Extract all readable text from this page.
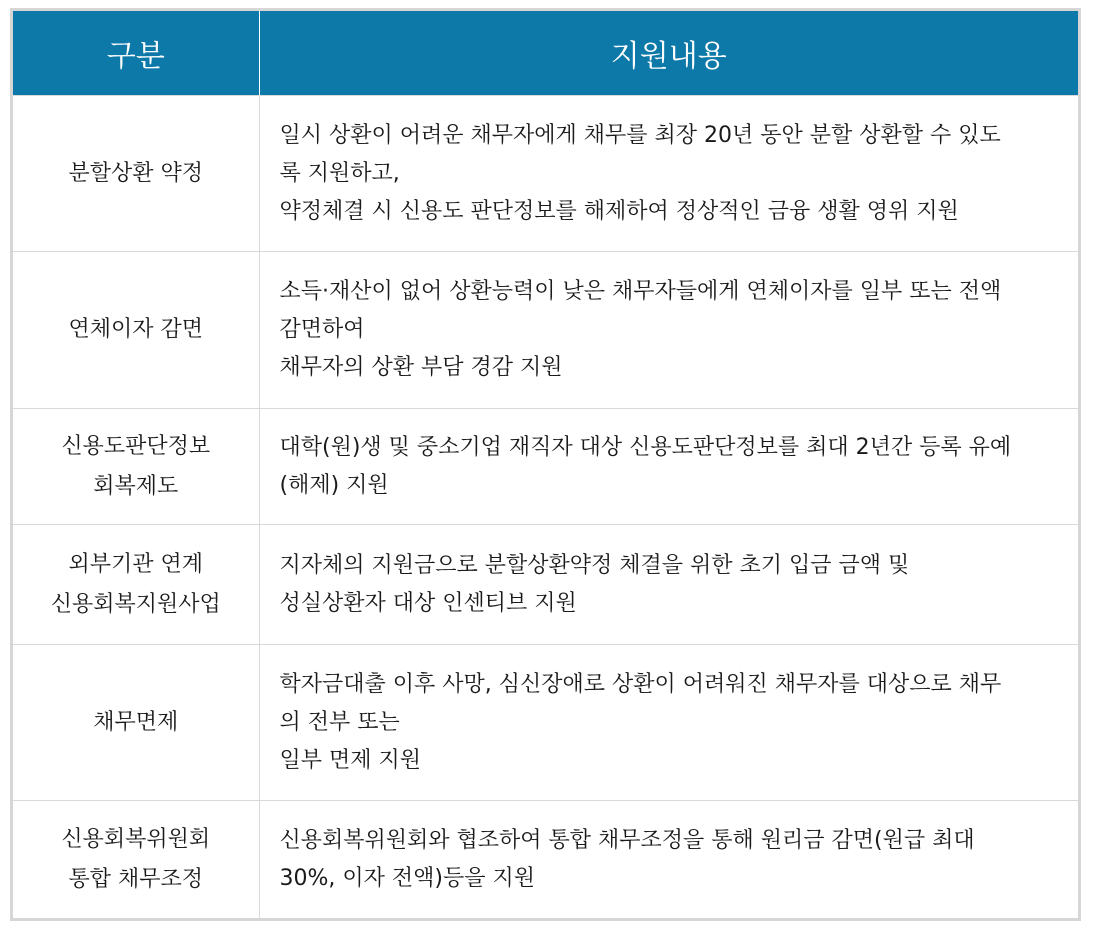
구분	지원내용

분할상환 약정	일시 상환이 어려운 채무자에게 채무를 최장 20년 동안 분할 상환할 수 있도
록 지원하고,
약정체결 시 신용도 판단정보를 해제하여 정상적인 금융 생활 영위 지원

연체이자 감면	소득·재산이 없어 상환능력이 낮은 채무자들에게 연체이자를 일부 또는 전액
감면하여
채무자의 상환 부담 경감 지원

신용도판단정보
회복제도	대학(원)생 및 중소기업 재직자 대상 신용도판단정보를 최대 2년간 등록 유예
(해제) 지원

외부기관 연계
신용회복지원사업	지자체의 지원금으로 분할상환약정 체결을 위한 초기 입금 금액 및
성실상환자 대상 인센티브 지원

채무면제	학자금대출 이후 사망, 심신장애로 상환이 어려워진 채무자를 대상으로 채무
의 전부 또는
일부 면제 지원

신용회복위원회
통합 채무조정	신용회복위원회와 협조하여 통합 채무조정을 통해 원리금 감면(원급 최대
30%, 이자 전액)등을 지원
